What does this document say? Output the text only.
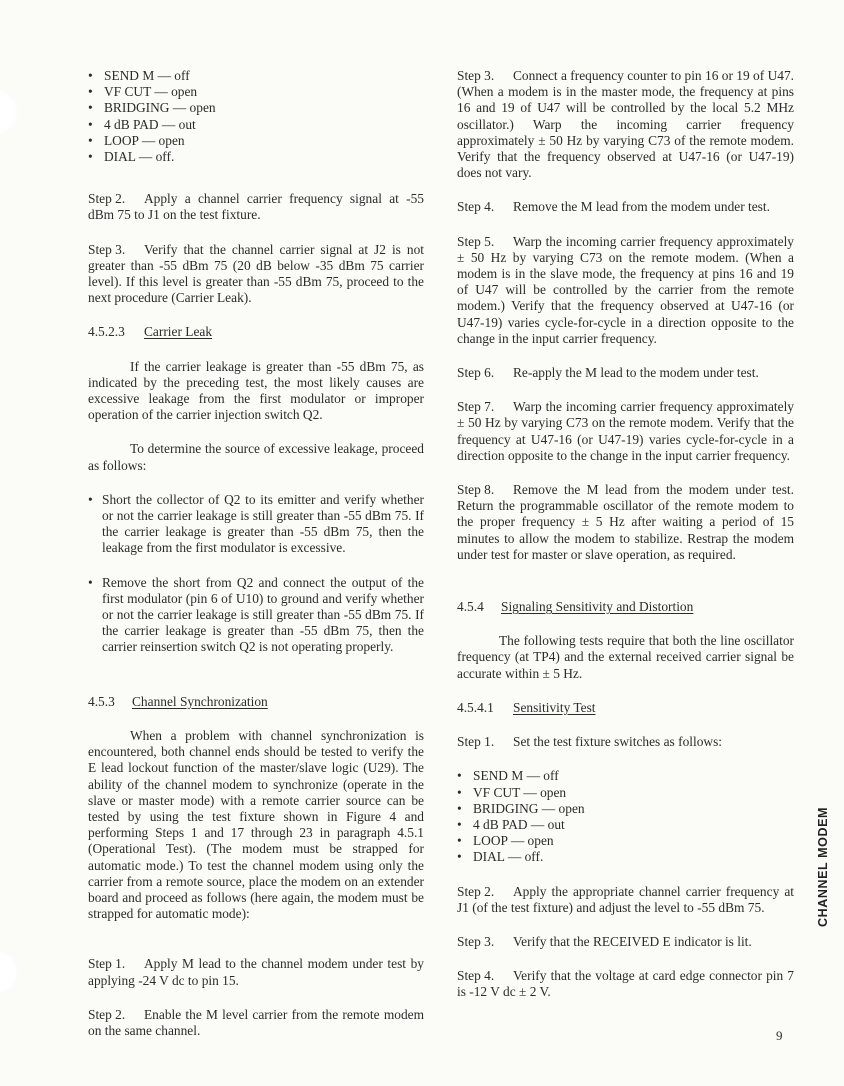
• SEND M — off
• VF CUT — open
• BRIDGING — open
• 4 dB PAD — out
• LOOP — open
• DIAL — off.

Step 2. Apply a channel carrier frequency signal at -55 dBm 75 to J1 on the test fixture.

Step 3. Verify that the channel carrier signal at J2 is not greater than -55 dBm 75 (20 dB below -35 dBm 75 carrier level). If this level is greater than -55 dBm 75, proceed to the next procedure (Carrier Leak).

4.5.2.3 Carrier Leak

If the carrier leakage is greater than -55 dBm 75, as indicated by the preceding test, the most likely causes are excessive leakage from the first modulator or improper operation of the carrier injection switch Q2.

To determine the source of excessive leakage, proceed as follows:

• Short the collector of Q2 to its emitter and verify whether or not the carrier leakage is still greater than -55 dBm 75. If the carrier leakage is greater than -55 dBm 75, then the leakage from the first modulator is excessive.
• Remove the short from Q2 and connect the output of the first modulator (pin 6 of U10) to ground and verify whether or not the carrier leakage is still greater than -55 dBm 75. If the carrier leakage is greater than -55 dBm 75, then the carrier reinsertion switch Q2 is not operating properly.

4.5.3 Channel Synchronization

When a problem with channel synchronization is encountered, both channel ends should be tested to verify the E lead lockout function of the master/slave logic (U29). The ability of the channel modem to synchronize (operate in the slave or master mode) with a remote carrier source can be tested by using the test fixture shown in Figure 4 and performing Steps 1 and 17 through 23 in paragraph 4.5.1 (Operational Test). (The modem must be strapped for automatic mode.) To test the channel modem using only the carrier from a remote source, place the modem on an extender board and proceed as follows (here again, the modem must be strapped for automatic mode):

Step 1. Apply M lead to the channel modem under test by applying -24 V dc to pin 15.

Step 2. Enable the M level carrier from the remote modem on the same channel.

Step 3. Connect a frequency counter to pin 16 or 19 of U47. (When a modem is in the master mode, the frequency at pins 16 and 19 of U47 will be controlled by the local 5.2 MHz oscillator.) Warp the incoming carrier frequency approximately ± 50 Hz by varying C73 of the remote modem. Verify that the frequency observed at U47-16 (or U47-19) does not vary.

Step 4. Remove the M lead from the modem under test.

Step 5. Warp the incoming carrier frequency approximately ± 50 Hz by varying C73 on the remote modem. (When a modem is in the slave mode, the frequency at pins 16 and 19 of U47 will be controlled by the carrier from the remote modem.) Verify that the frequency observed at U47-16 (or U47-19) varies cycle-for-cycle in a direction opposite to the change in the input carrier frequency.

Step 6. Re-apply the M lead to the modem under test.

Step 7. Warp the incoming carrier frequency approximately ± 50 Hz by varying C73 on the remote modem. Verify that the frequency at U47-16 (or U47-19) varies cycle-for-cycle in a direction opposite to the change in the input carrier frequency.

Step 8. Remove the M lead from the modem under test. Return the programmable oscillator of the remote modem to the proper frequency ± 5 Hz after waiting a period of 15 minutes to allow the modem to stabilize. Restrap the modem under test for master or slave operation, as required.

4.5.4 Signaling Sensitivity and Distortion

The following tests require that both the line oscillator frequency (at TP4) and the external received carrier signal be accurate within ± 5 Hz.

4.5.4.1 Sensitivity Test

Step 1. Set the test fixture switches as follows:

• SEND M — off
• VF CUT — open
• BRIDGING — open
• 4 dB PAD — out
• LOOP — open
• DIAL — off.

Step 2. Apply the appropriate channel carrier frequency at J1 (of the test fixture) and adjust the level to -55 dBm 75.

Step 3. Verify that the RECEIVED E indicator is lit.

Step 4. Verify that the voltage at card edge connector pin 7 is -12 V dc ± 2 V.

CHANNEL MODEM
9
